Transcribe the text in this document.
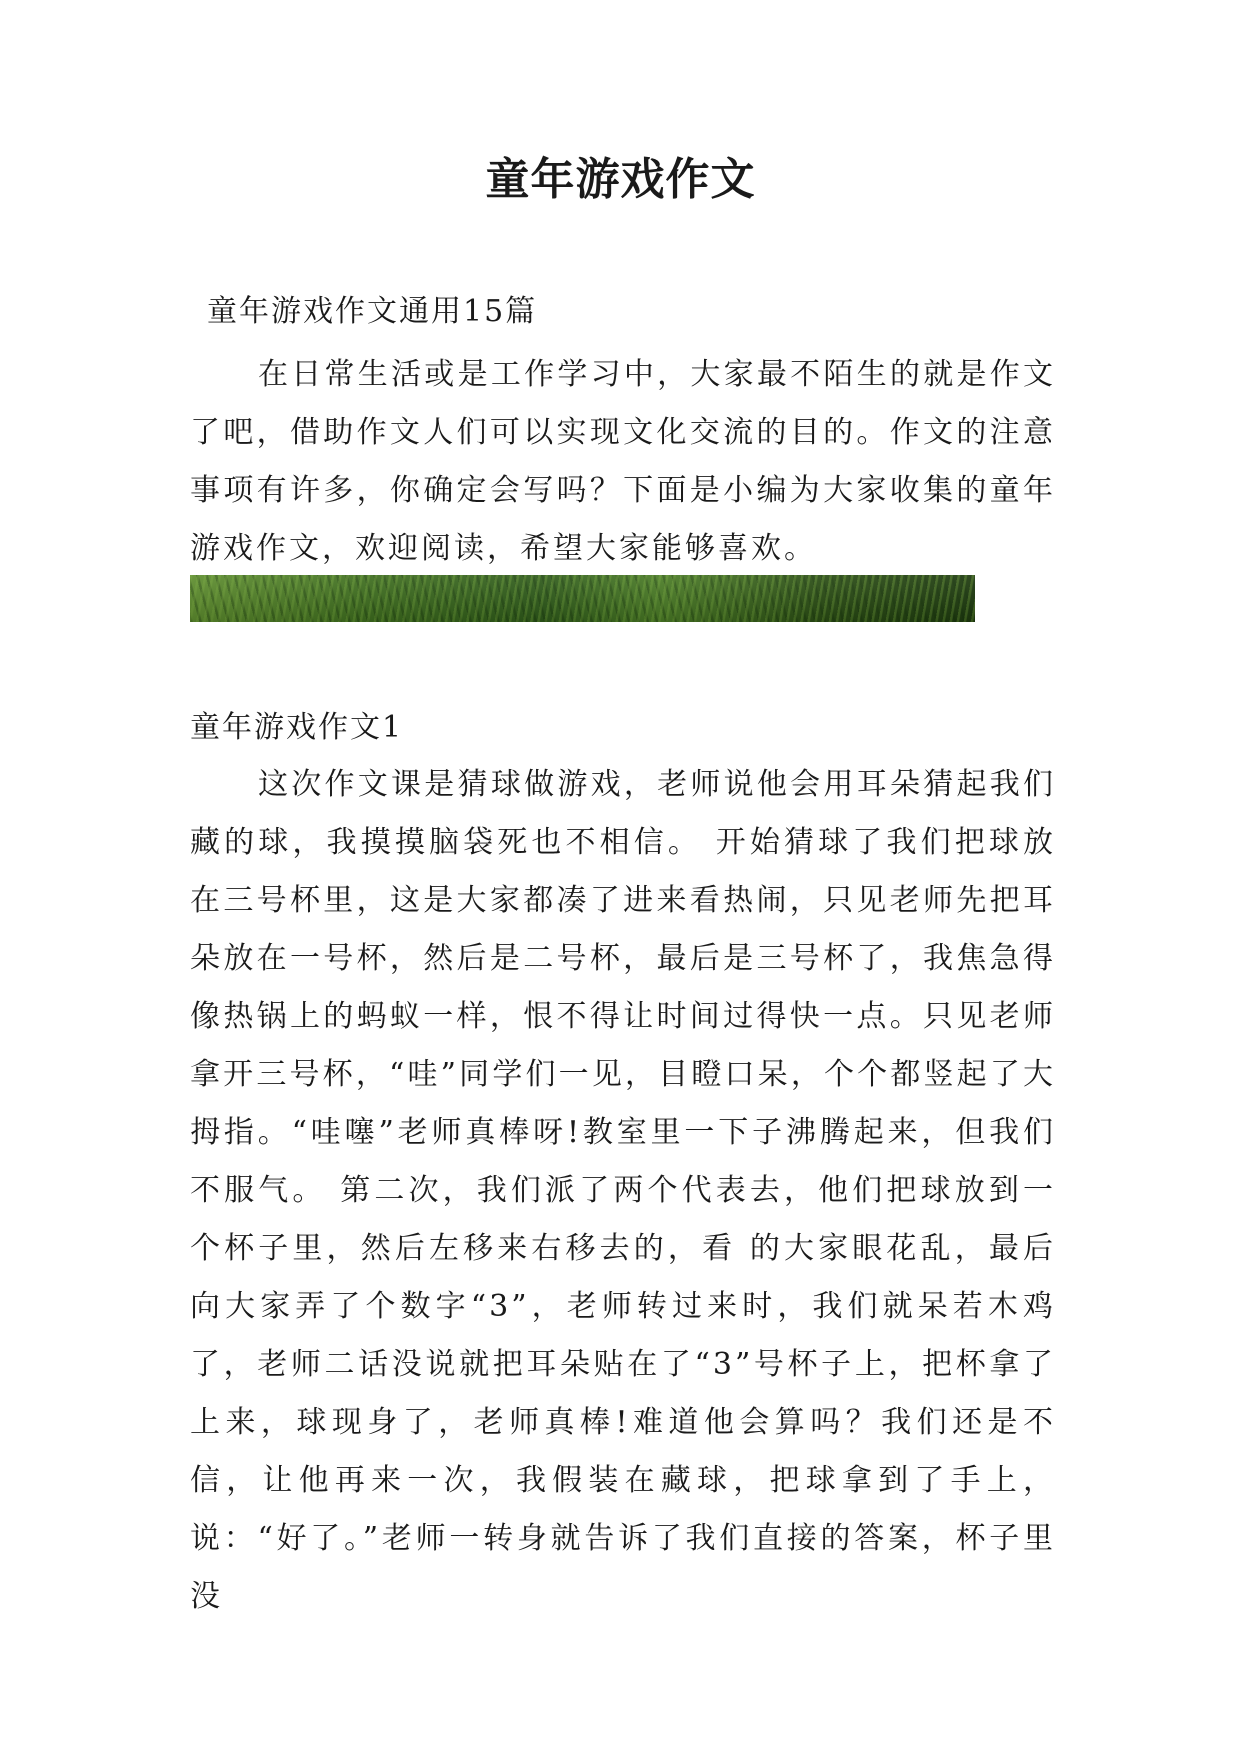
童年游戏作文
童年游戏作文通用15篇
在日常生活或是工作学习中，大家最不陌生的就是作文了吧，借助作文人们可以实现文化交流的目的。作文的注意事项有许多，你确定会写吗？下面是小编为大家收集的童年游戏作文，欢迎阅读，希望大家能够喜欢。
童年游戏作文1
这次作文课是猜球做游戏，老师说他会用耳朵猜起我们藏的球，我摸摸脑袋死也不相信。 开始猜球了我们把球放在三号杯里，这是大家都凑了进来看热闹，只见老师先把耳朵放在一号杯，然后是二号杯，最后是三号杯了，我焦急得像热锅上的蚂蚁一样，恨不得让时间过得快一点。只见老师拿开三号杯，“哇”同学们一见，目瞪口呆，个个都竖起了大拇指。“哇噻”老师真棒呀!教室里一下子沸腾起来，但我们不服气。 第二次，我们派了两个代表去，他们把球放到一个杯子里，然后左移来右移去的，看 的大家眼花乱，最后向大家弄了个数字“3”，老师转过来时，我们就呆若木鸡了，老师二话没说就把耳朵贴在了“3”号杯子上，把杯拿了上来，球现身了，老师真棒!难道他会算吗？我们还是不信，让他再来一次，我假装在藏球，把球拿到了手上，说：“好了。”老师一转身就告诉了我们直接的答案，杯子里没
